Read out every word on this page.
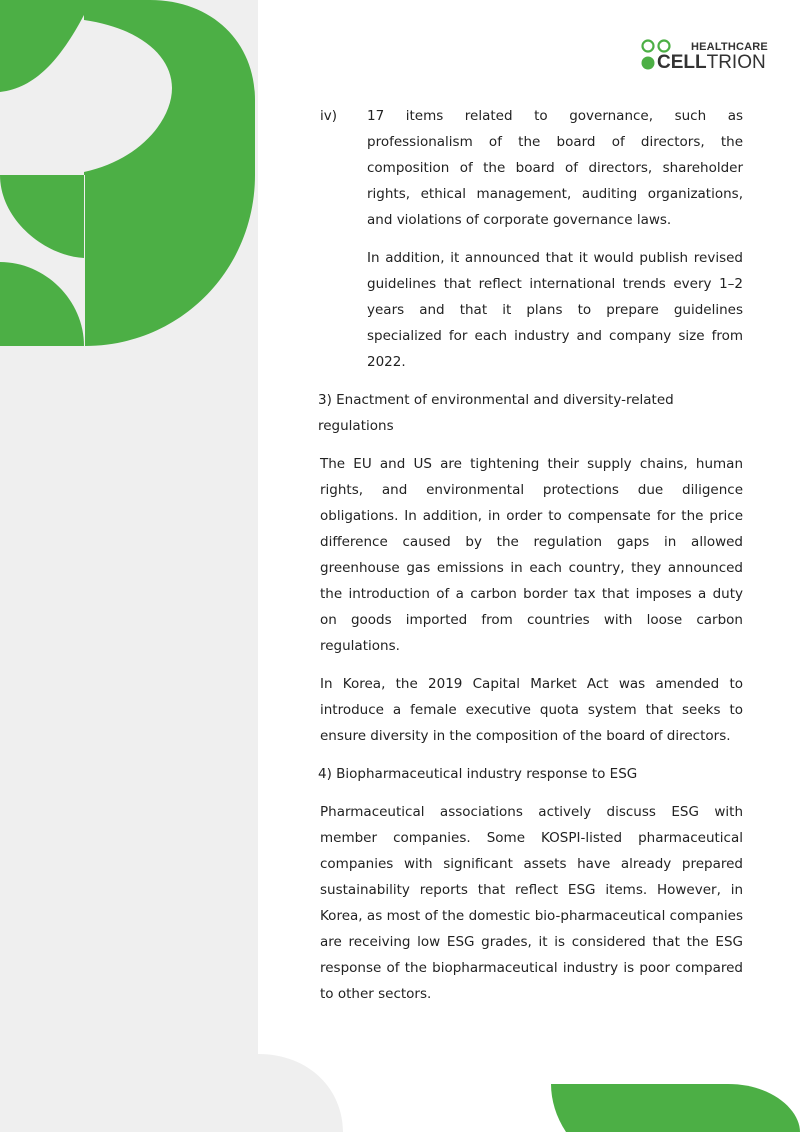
HEALTHCARE
CELLTRION
iv) 17 items related to governance, such as professionalism of the board of directors, the composition of the board of directors, shareholder rights, ethical management, auditing organizations, and violations of corporate governance laws.

In addition, it announced that it would publish revised guidelines that reflect international trends every 1–2 years and that it plans to prepare guidelines specialized for each industry and company size from 2022.

3) Enactment of environmental and diversity-related regulations

The EU and US are tightening their supply chains, human rights, and environmental protections due diligence obligations. In addition, in order to compensate for the price difference caused by the regulation gaps in allowed greenhouse gas emissions in each country, they announced the introduction of a carbon border tax that imposes a duty on goods imported from countries with loose carbon regulations.

In Korea, the 2019 Capital Market Act was amended to introduce a female executive quota system that seeks to ensure diversity in the composition of the board of directors.

4) Biopharmaceutical industry response to ESG

Pharmaceutical associations actively discuss ESG with member companies. Some KOSPI-listed pharmaceutical companies with significant assets have already prepared sustainability reports that reflect ESG items. However, in Korea, as most of the domestic bio-pharmaceutical companies are receiving low ESG grades, it is considered that the ESG response of the biopharmaceutical industry is poor compared to other sectors.
